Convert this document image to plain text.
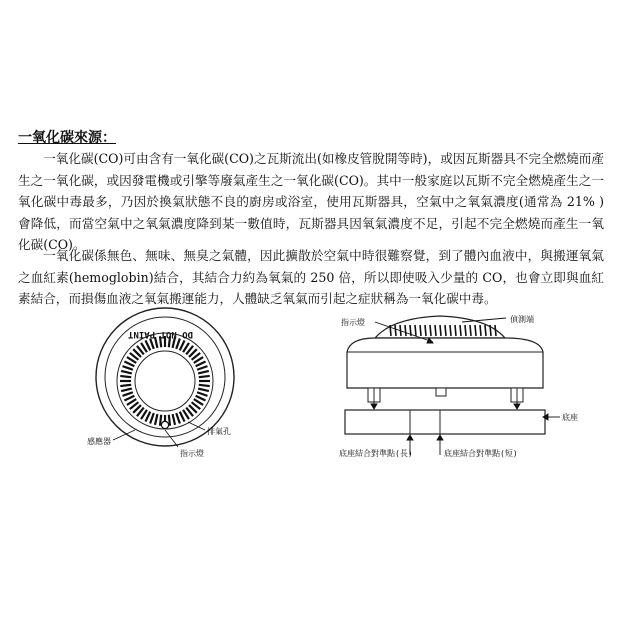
一氧化碳來源：

一氧化碳(CO)可由含有一氧化碳(CO)之瓦斯流出(如橡皮管脫開等時)，或因瓦斯器具不完全燃燒而產生之一氧化碳，或因發電機或引擎等廢氣產生之一氧化碳(CO)。其中一般家庭以瓦斯不完全燃燒產生之一氧化碳中毒最多，乃因於換氣狀態不良的廚房或浴室，使用瓦斯器具，空氣中之氧氣濃度(通常為 21% )會降低，而當空氣中之氧氣濃度降到某一數值時，瓦斯器具因氧氣濃度不足，引起不完全燃燒而產生一氧化碳(CO)。

一氧化碳係無色、無味、無臭之氣體，因此擴散於空氣中時很難察覺，到了體內血液中，與搬運氧氣之血紅素(hemoglobin)結合，其結合力約為氧氣的 250 倍，所以即使吸入少量的 CO，也會立即與血紅素結合，而損傷血液之氧氣搬運能力，人體缺乏氧氣而引起之症狀稱為一氧化碳中毒。

DO NOT PAINT
感應器
排氣孔
指示燈
指示燈	偵測端
底座
底座結合對準點(長)	底座結合對準點(短)
